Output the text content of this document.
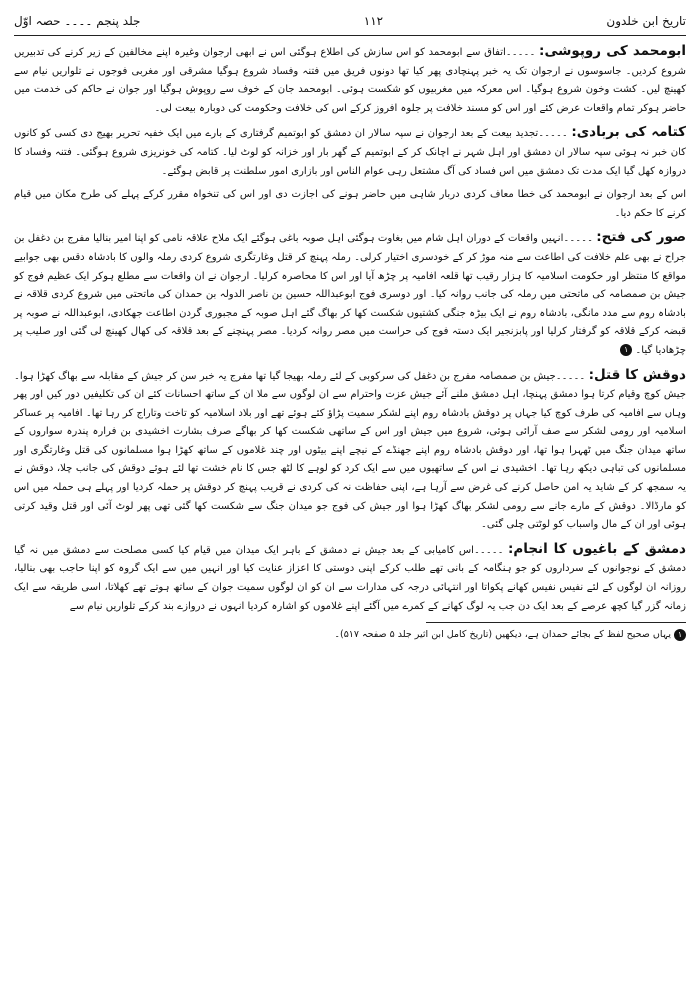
تاریخ ابن خلدون
۱۱۲
جلد پنجم ۔۔۔۔ حصہ اوّل

ابومحمد کی روپوشی: ۔۔۔۔۔اتفاق سے ابومحمد کو اس سازش کی اطلاع ہوگئی اس نے ابھی ارجوان وغیرہ اپنے مخالفین کے زیر کرنے کی تدبیریں شروع کردیں۔ جاسوسوں نے ارجوان تک یہ خبر پہنچادی پھر کیا تھا دونوں فریق میں فتنہ وفساد شروع ہوگیا مشرقی اور مغربی فوجوں نے تلواریں نیام سے کھینچ لیں۔ کشت وخون شروع ہوگیا۔ اس معرکہ میں مغربیوں کو شکست ہوئی۔ ابومحمد جان کے خوف سے روپوش ہوگیا اور جوان نے حاکم کی خدمت میں حاضر ہوکر تمام واقعات عرض کئے اور اس کو مسند خلافت پر جلوہ افروز کرکے اس کی خلافت وحکومت کی دوبارہ بیعت لی۔

کتامہ کی بربادی: ۔۔۔۔۔تجدید بیعت کے بعد ارجوان نے سپہ سالار ان دمشق کو ابوتمیم گرفتاری کے بارے میں ایک خفیہ تحریر بھیج دی کسی کو کانوں کان خبر نہ ہوئی سپہ سالار ان دمشق اور اہل شہر نے اچانک کر کے ابوتمیم کے گھر بار اور خزانہ کو لوٹ لیا۔ کتامہ کی خونریزی شروع ہوگئی۔ فتنہ وفساد کا دروازہ کھل گیا ایک مدت تک دمشق میں اس فساد کی آگ مشتعل رہی عوام الناس اور بازاری امور سلطنت پر قابض ہوگئے۔

اس کے بعد ارجوان نے ابومحمد کی خطا معاف کردی دربار شاہی میں حاضر ہونے کی اجازت دی اور اس کی تنخواہ مقرر کرکے پہلے کی طرح مکان میں قیام کرنے کا حکم دیا۔

صور کی فتح: ۔۔۔۔۔انہیں واقعات کے دوران اہل شام میں بغاوت ہوگئی اہل صوبہ باغی ہوگئے ایک ملاح علاقہ نامی کو اپنا امیر بنالیا مفرج بن دغفل بن جراح نے بھی علم خلافت کی اطاعت سے منہ موڑ کر کے خودسری اختیار کرلی۔ رملہ پہنچ کر قتل وغارتگری شروع کردی رملہ والوں کا بادشاہ دقس بھی جوابیے مواقع کا منتظر اور حکومت اسلامیہ کا ہزار رقیب تھا قلعہ افامیہ پر چڑھ آیا اور اس کا محاصرہ کرلیا۔ ارجوان نے ان واقعات سے مطلع ہوکر ایک عظیم فوج کو جیش بن صمصامہ کی ماتحتی میں رملہ کی جانب روانہ کیا۔ اور دوسری فوج ابوعبداللہ حسین بن ناصر الدولہ بن حمدان کی ماتحتی میں شروع کردی قلاقہ نے بادشاہ روم سے مدد مانگی، بادشاہ روم نے ایک بیڑہ جنگی کشتیوں شکست کھا کر بھاگ گئے اہل صوبہ کے مجبوری گردن اطاعت جھکادی، ابوعبداللہ نے صوبہ پر قبضہ کرکے قلاقہ کو گرفتار کرلیا اور پابزنجیر ایک دستہ فوج کی حراست میں مصر روانہ کردیا۔ مصر پہنچنے کے بعد قلاقہ کی کھال کھینچ لی گئی اور صلیب پر چڑھادیا گیا۔ ۱

دوقش کا قتل: ۔۔۔۔۔جیش بن صمصامہ مفرج بن دغفل کی سرکوبی کے لئے رملہ بھیجا گیا تھا مفرج یہ خبر سن کر جیش کے مقابلہ سے بھاگ کھڑا ہوا۔ جیش کوچ وقیام کرتا ہوا دمشق پہنچا، اہل دمشق ملنے آئے جیش عزت واحترام سے ان لوگوں سے ملا ان کے ساتھ احسانات کئے ان کی تکلیفیں دور کیں اور پھر وہاں سے افامیہ کی طرف کوچ کیا جہاں پر دوقش بادشاہ روم اپنے لشکر سمیت پڑاؤ کئے ہوئے تھے اور بلاد اسلامیہ کو تاخت وتاراج کر رہا تھا۔ افامیہ پر عساکر اسلامیہ اور رومی لشکر سے صف آرائی ہوئی، شروع میں جیش اور اس کے ساتھی شکست کھا کر بھاگے صرف بشارت اخشیدی بن فرارہ پندرہ سواروں کے ساتھ میدان جنگ میں ٹھہرا ہوا تھا، اور دوقش بادشاہ روم اپنے جھنڈے کے نیچے اپنے بیٹوں اور چند غلاموں کے ساتھ کھڑا ہوا مسلمانوں کی قتل وغارتگری اور مسلمانوں کی تباہی دیکھ رہا تھا۔ اخشیدی نے اس کے ساتھیوں میں سے ایک کرد کو لوہے کا لٹھ جس کا نام خشت تھا لئے ہوئے دوقش کی جانب چلا، دوقش نے یہ سمجھ کر کے شاید یہ امن حاصل کرنے کی غرض سے آرہا ہے، اپنی حفاظت نہ کی کردی نے قریب پہنچ کر دوقش پر حملہ کردیا اور پہلے ہی حملہ میں اس کو مارڈالا۔ دوقش کے مارے جانے سے رومی لشکر بھاگ کھڑا ہوا اور جیش کی فوج جو میدان جنگ سے شکست کھا گئی تھی پھر لوٹ آئی اور قتل وقید کرتی ہوئی اور ان کے مال واسباب کو لوٹتی چلی گئی۔

دمشق کے باغیوں کا انجام: ۔۔۔۔۔اس کامیابی کے بعد جیش نے دمشق کے باہر ایک میدان میں قیام کیا کسی مصلحت سے دمشق میں نہ گیا دمشق کے نوجوانوں کے سرداروں کو جو ہنگامہ کے بانی تھے طلب کرکے اپنی دوستی کا اعزاز عنایت کیا اور انہیں میں سے ایک گروہ کو اپنا حاجب بھی بنالیا، روزانہ ان لوگوں کے لئے نفیس نفیس کھانے پکواتا اور انتہائی درجہ کی مدارات سے ان کو ان لوگوں سمیت جوان کے ساتھ ہوتے تھے کھلاتا، اسی طریقہ سے ایک زمانہ گزر گیا کچھ عرصے کے بعد ایک دن جب یہ لوگ کھانے کے کمرے میں آگئے اپنے غلاموں کو اشارہ کردیا انہوں نے دروازے بند کرکے تلواریں نیام سے

۱ یہاں صحیح لفظ کے بجائے حمدان ہے، دیکھیں (تاریخ کامل ابن اثیر جلد ۵ صفحہ ۵۱۷)۔
